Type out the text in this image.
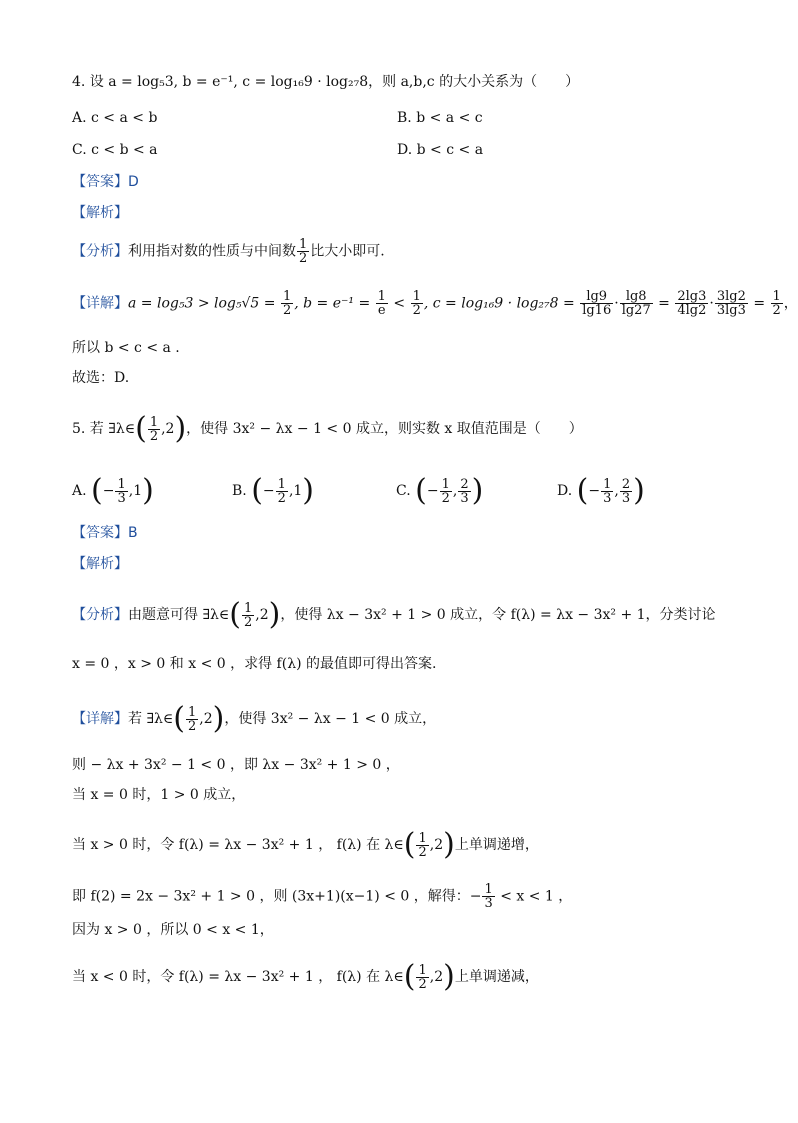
4. 设 a = log₅3, b = e⁻¹, c = log₁₆9 · log₂₇8，则 a,b,c 的大小关系为（　　）
A. c < a < b	B. b < a < c
C. c < b < a	D. b < c < a
【答案】D
【解析】
【分析】利用指对数的性质与中间数 $\frac{1}{2}$ 比大小即可.
【详解】$a = \log_53 > \log_5√5 = \frac{1}{2}$ , $b = e^{-1} = \frac{1}{e} < \frac{1}{2}$ , $c = \log_{16}9 \cdot \log_{27}8 = \frac{\lg 9}{\lg 16} \cdot \frac{\lg 8}{\lg 27} = \frac{2\lg 3}{4\lg 2} \cdot \frac{3\lg 2}{3\lg 3} = \frac{1}{2}$ ，
所以 b < c < a .
故选：D.
5. 若 ∃λ∈( $\frac{1}{2} ,2$)，使得 3x² − λx − 1 < 0 成立，则实数 x 取值范围是（　　）
A. (− $\frac{1}{3} ,1$)	B. (− $\frac{1}{2} ,1$)	C. (− $\frac{1}{2}$ , $\frac{2}{3}$ )	D. (− $\frac{1}{3}$ , $\frac{2}{3}$ )
【答案】B
【解析】
【分析】由题意可得 ∃λ∈( $\frac{1}{2} ,2$)，使得 λx − 3x² + 1 > 0 成立，令 f(λ) = λx − 3x² + 1，分类讨论
x = 0 ，x > 0 和 x < 0 ，求得 f(λ) 的最值即可得出答案.
【详解】若 ∃λ∈( $\frac{1}{2} ,2$)，使得 3x² − λx − 1 < 0 成立，
则 − λx + 3x² − 1 < 0 ，即 λx − 3x² + 1 > 0 ，
当 x = 0 时，1 > 0 成立，
当 x > 0 时，令 f(λ) = λx − 3x² + 1 ， f(λ) 在 λ∈( $\frac{1}{2} ,2$)上单调递增，
即 f(2) = 2x − 3x² + 1 > 0 ，则 (3x+1)(x−1) < 0 ，解得：− $\frac{1}{3} < x < 1$ ，
因为 x > 0 ，所以 0 < x < 1，
当 x < 0 时，令 f(λ) = λx − 3x² + 1 ， f(λ) 在 λ∈( $\frac{1}{2} ,2$)上单调递减，
